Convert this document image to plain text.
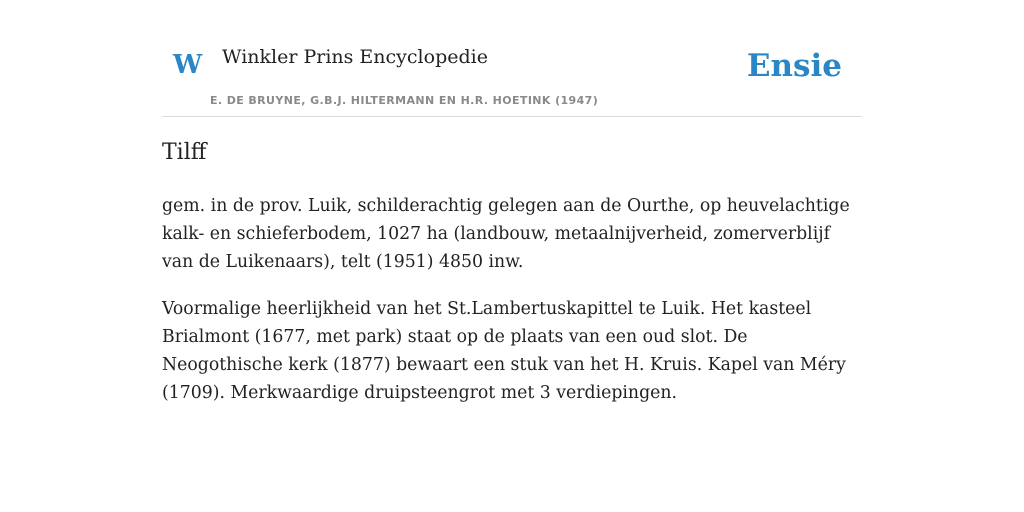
W Winkler Prins Encyclopedie
E. DE BRUYNE, G.B.J. HILTERMANN EN H.R. HOETINK (1947)
Ensie
Tilff

gem. in de prov. Luik, schilderachtig gelegen aan de Ourthe, op heuvelachtige kalk- en schieferbodem, 1027 ha (landbouw, metaalnijverheid, zomerverblijf van de Luikenaars), telt (1951) 4850 inw.

Voormalige heerlijkheid van het St.Lambertuskapittel te Luik. Het kasteel Brialmont (1677, met park) staat op de plaats van een oud slot. De Neogothische kerk (1877) bewaart een stuk van het H. Kruis. Kapel van Méry (1709). Merkwaardige druipsteengrot met 3 verdiepingen.
